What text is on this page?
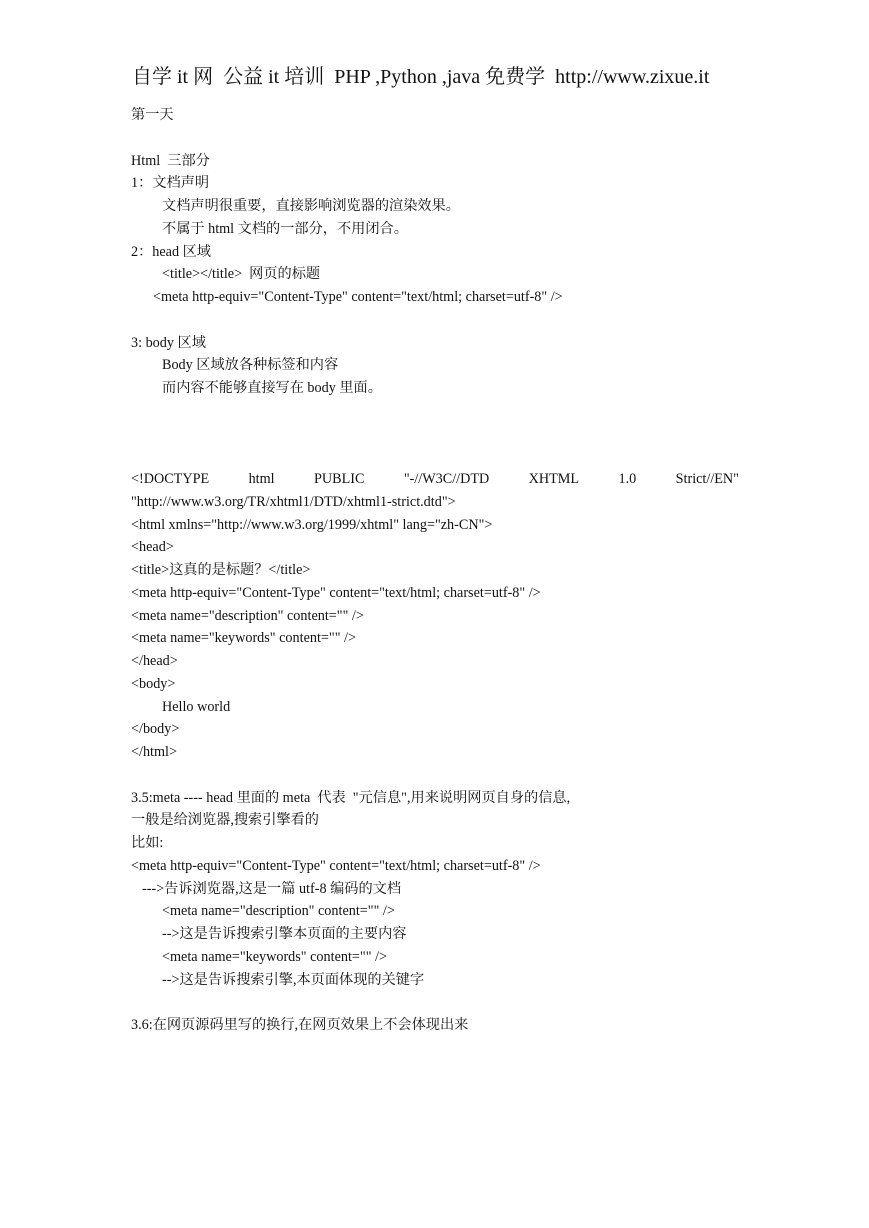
自学 it 网  公益 it 培训  PHP ,Python ,java 免费学  http://www.zixue.it
第一天
Html  三部分
1：文档声明
文档声明很重要，直接影响浏览器的渲染效果。
不属于 html 文档的一部分，不用闭合。
2：head 区域
<title></title>  网页的标题
<meta http-equiv="Content-Type" content="text/html; charset=utf-8" />
3: body 区域
Body 区域放各种标签和内容
而内容不能够直接写在 body 里面。
<!DOCTYPE	html	PUBLIC	"-//W3C//DTD	XHTML	1.0	Strict//EN"
"http://www.w3.org/TR/xhtml1/DTD/xhtml1-strict.dtd">
<html xmlns="http://www.w3.org/1999/xhtml" lang="zh-CN">
<head>
<title>这真的是标题？</title>
<meta http-equiv="Content-Type" content="text/html; charset=utf-8" />
<meta name="description" content="" />
<meta name="keywords" content="" />
</head>
<body>
Hello world
</body>
</html>
3.5:meta ---- head 里面的 meta  代表  "元信息",用来说明网页自身的信息,
一般是给浏览器,搜索引擎看的
比如:
<meta http-equiv="Content-Type" content="text/html; charset=utf-8" />
--->告诉浏览器,这是一篇 utf-8 编码的文档
<meta name="description" content="" />
-->这是告诉搜索引擎本页面的主要内容
<meta name="keywords" content="" />
-->这是告诉搜索引擎,本页面体现的关键字
3.6:在网页源码里写的换行,在网页效果上不会体现出来
